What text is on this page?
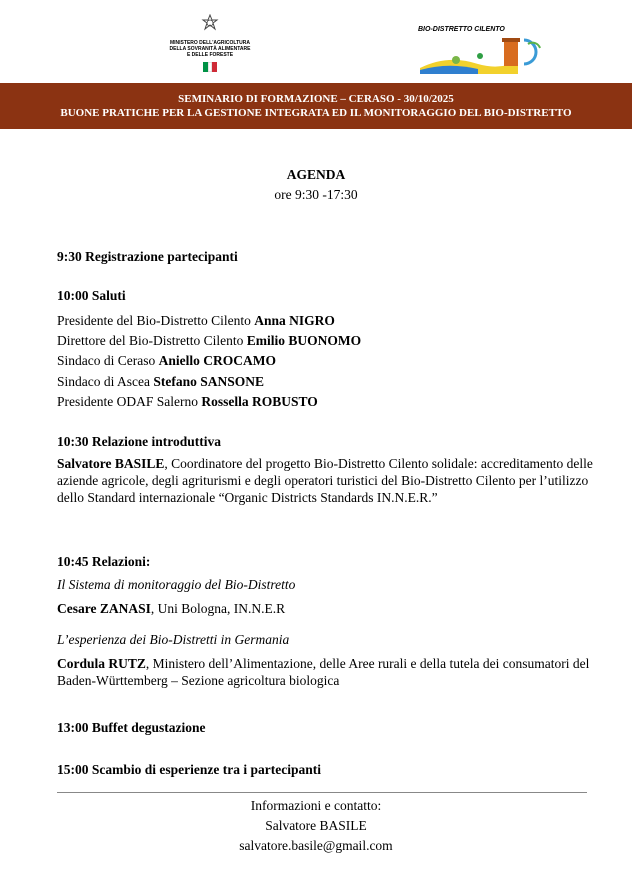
MINISTERO DELL'AGRICOLTURA
DELLA SOVRANITÀ ALIMENTARE
E DELLE FORESTE
BIO-DISTRETTO CILENTO
SEMINARIO DI FORMAZIONE – CERASO - 30/10/2025
BUONE PRATICHE PER LA GESTIONE INTEGRATA ED IL MONITORAGGIO DEL BIO-DISTRETTO
AGENDA
ore 9:30 -17:30
9:30 Registrazione partecipanti
10:00 Saluti
Presidente del Bio-Distretto Cilento Anna NIGRO
Direttore del Bio-Distretto Cilento Emilio BUONOMO
Sindaco di Ceraso Aniello CROCAMO
Sindaco di Ascea Stefano SANSONE
Presidente ODAF Salerno Rossella ROBUSTO
10:30 Relazione introduttiva
Salvatore BASILE, Coordinatore del progetto Bio-Distretto Cilento solidale: accreditamento delle aziende agricole, degli agriturismi e degli operatori turistici del Bio-Distretto Cilento per l’utilizzo dello Standard internazionale “Organic Districts Standards IN.N.E.R.”
10:45 Relazioni:
Il Sistema di monitoraggio del Bio-Distretto
Cesare ZANASI, Uni Bologna, IN.N.E.R
L’esperienza dei Bio-Distretti in Germania
Cordula RUTZ, Ministero dell’Alimentazione, delle Aree rurali e della tutela dei consumatori del Baden-Württemberg – Sezione agricoltura biologica
13:00 Buffet degustazione
15:00 Scambio di esperienze tra i partecipanti
Informazioni e contatto:
Salvatore BASILE
salvatore.basile@gmail.com
